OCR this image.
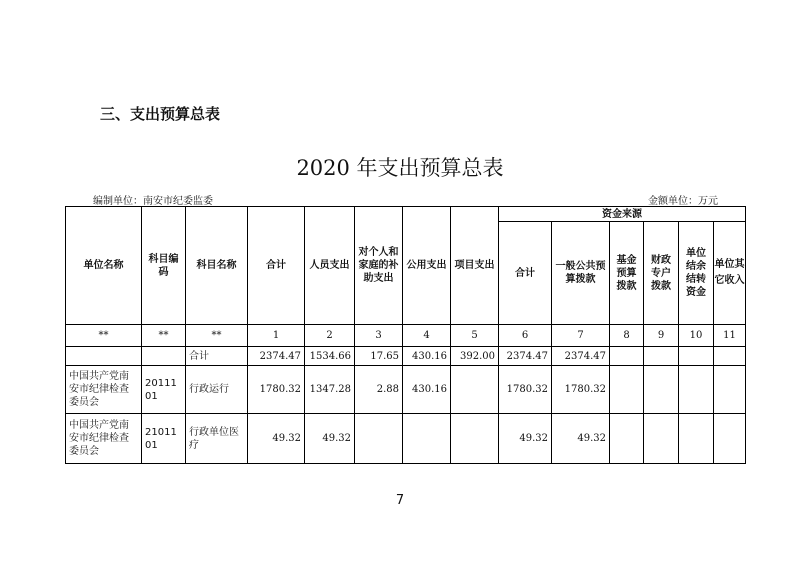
三、支出预算总表
2020 年支出预算总表
编制单位：南安市纪委监委	金额单位：万元
单位名称	科目编码	科目名称	合计	人员支出	对个人和家庭的补助支出	公用支出	项目支出	资金来源					
								合计	一般公共预算拨款	基金预算拨款	财政专户拨款	单位结余结转资金	单位其它收入
**	**	**	1	2	3	4	5	6	7	8	9	10	11
		合计	2374.47	1534.66	17.65	430.16	392.00	2374.47	2374.47				
中国共产党南安市纪律检查委员会	2011101	行政运行	1780.32	1347.28	2.88	430.16		1780.32	1780.32				
中国共产党南安市纪律检查委员会	2101101	行政单位医疗	49.32	49.32				49.32	49.32				
7
